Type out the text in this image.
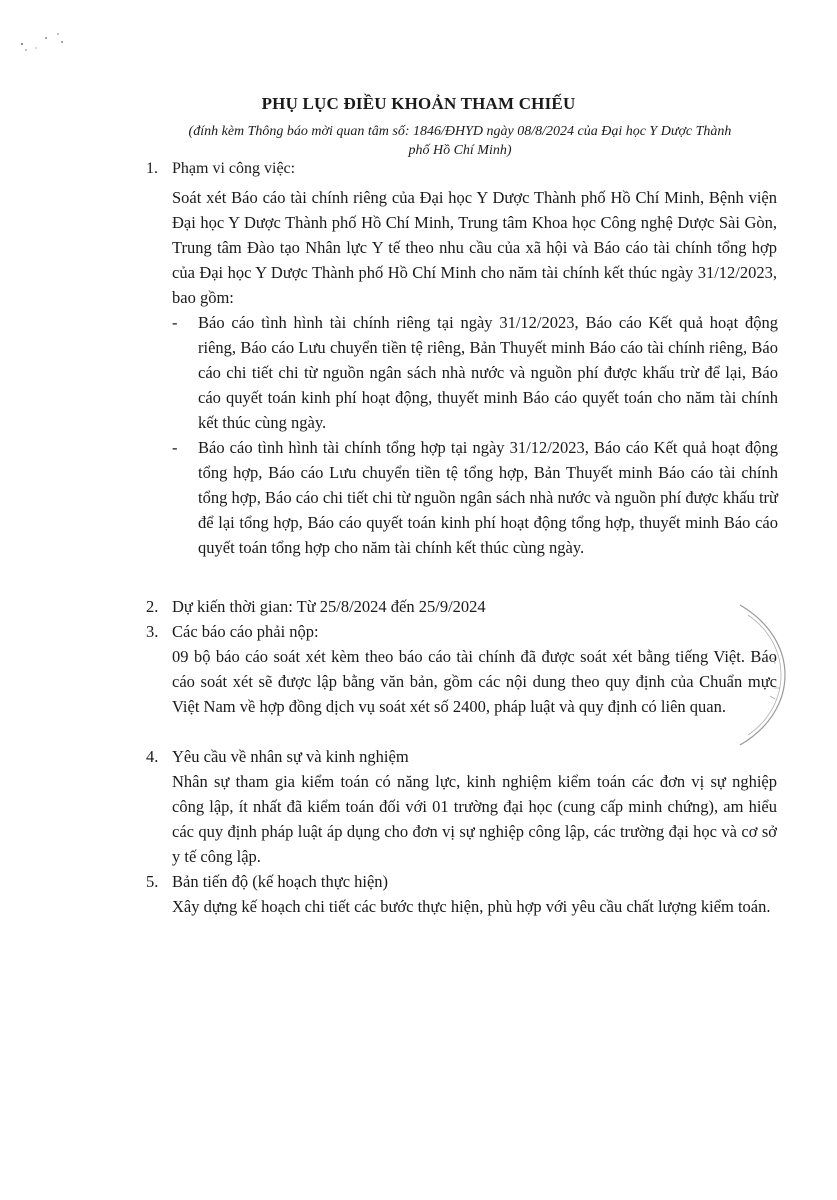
PHỤ LỤC ĐIỀU KHOẢN THAM CHIẾU
(đính kèm Thông báo mời quan tâm số: 1846/ĐHYD ngày 08/8/2024 của Đại học Y Dược Thành
phố Hồ Chí Minh)
1. Phạm vi công việc:
Soát xét Báo cáo tài chính riêng của Đại học Y Dược Thành phố Hồ Chí Minh, Bệnh viện Đại học Y Dược Thành phố Hồ Chí Minh, Trung tâm Khoa học Công nghệ Dược Sài Gòn, Trung tâm Đào tạo Nhân lực Y tế theo nhu cầu của xã hội và Báo cáo tài chính tổng hợp của Đại học Y Dược Thành phố Hồ Chí Minh cho năm tài chính kết thúc ngày 31/12/2023, bao gồm:
-	Báo cáo tình hình tài chính riêng tại ngày 31/12/2023, Báo cáo Kết quả hoạt động riêng, Báo cáo Lưu chuyển tiền tệ riêng, Bản Thuyết minh Báo cáo tài chính riêng, Báo cáo chi tiết chi từ nguồn ngân sách nhà nước và nguồn phí được khấu trừ để lại, Báo cáo quyết toán kinh phí hoạt động, thuyết minh Báo cáo quyết toán cho năm tài chính kết thúc cùng ngày.
-	Báo cáo tình hình tài chính tổng hợp tại ngày 31/12/2023, Báo cáo Kết quả hoạt động tổng hợp, Báo cáo Lưu chuyển tiền tệ tổng hợp, Bản Thuyết minh Báo cáo tài chính tổng hợp, Báo cáo chi tiết chi từ nguồn ngân sách nhà nước và nguồn phí được khấu trừ để lại tổng hợp, Báo cáo quyết toán kinh phí hoạt động tổng hợp, thuyết minh Báo cáo quyết toán tổng hợp cho năm tài chính kết thúc cùng ngày.
2. Dự kiến thời gian: Từ 25/8/2024 đến 25/9/2024
3. Các báo cáo phải nộp:
09 bộ báo cáo soát xét kèm theo báo cáo tài chính đã được soát xét bằng tiếng Việt. Báo cáo soát xét sẽ được lập bằng văn bản, gồm các nội dung theo quy định của Chuẩn mực Việt Nam về hợp đồng dịch vụ soát xét số 2400, pháp luật và quy định có liên quan.
4. Yêu cầu về nhân sự và kinh nghiệm
Nhân sự tham gia kiểm toán có năng lực, kinh nghiệm kiểm toán các đơn vị sự nghiệp công lập, ít nhất đã kiểm toán đối với 01 trường đại học (cung cấp minh chứng), am hiểu các quy định pháp luật áp dụng cho đơn vị sự nghiệp công lập, các trường đại học và cơ sở y tế công lập.
5. Bản tiến độ (kế hoạch thực hiện)
Xây dựng kế hoạch chi tiết các bước thực hiện, phù hợp với yêu cầu chất lượng kiểm toán.
